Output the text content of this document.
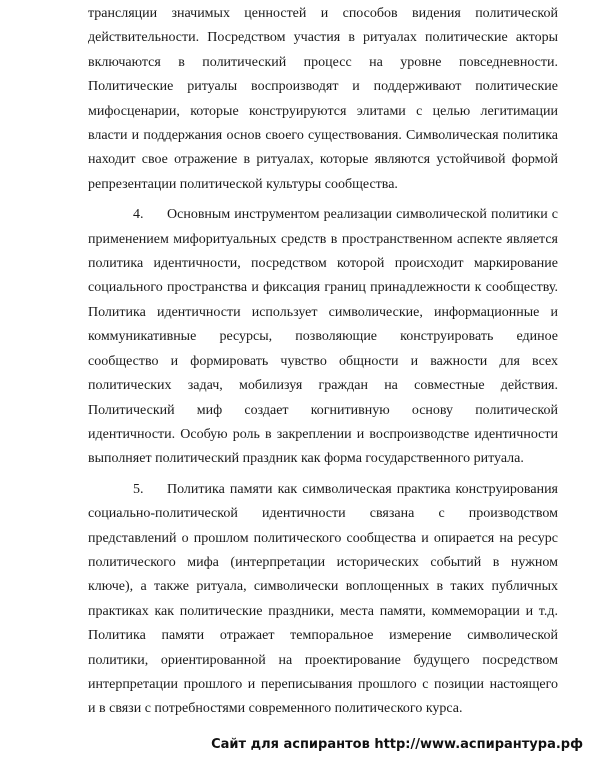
трансляции значимых ценностей и способов видения политической
действительности. Посредством участия в ритуалах политические акторы
включаются в политический процесс на уровне повседневности.
Политические ритуалы воспроизводят и поддерживают политические
мифосценарии, которые конструируются элитами с целью легитимации
власти и поддержания основ своего существования. Символическая политика
находит свое отражение в ритуалах, которые являются устойчивой формой
репрезентации политической культуры сообщества.
4. Основным инструментом реализации символической политики с
применением мифоритуальных средств в пространственном аспекте является
политика идентичности, посредством которой происходит маркирование
социального пространства и фиксация границ принадлежности к сообществу.
Политика идентичности использует символические, информационные и
коммуникативные ресурсы, позволяющие конструировать единое
сообщество и формировать чувство общности и важности для всех
политических задач, мобилизуя граждан на совместные действия.
Политический миф создает когнитивную основу политической
идентичности. Особую роль в закреплении и воспроизводстве идентичности
выполняет политический праздник как форма государственного ритуала.
5. Политика памяти как символическая практика конструирования
социально-политической идентичности связана с производством
представлений о прошлом политического сообщества и опирается на ресурс
политического мифа (интерпретации исторических событий в нужном
ключе), а также ритуала, символически воплощенных в таких публичных
практиках как политические праздники, места памяти, коммеморации и т.д.
Политика памяти отражает темпоральное измерение символической
политики, ориентированной на проектирование будущего посредством
интерпретации прошлого и переписывания прошлого с позиции настоящего
и в связи с потребностями современного политического курса.
Сайт для аспирантов http://www.аспирантура.рф
